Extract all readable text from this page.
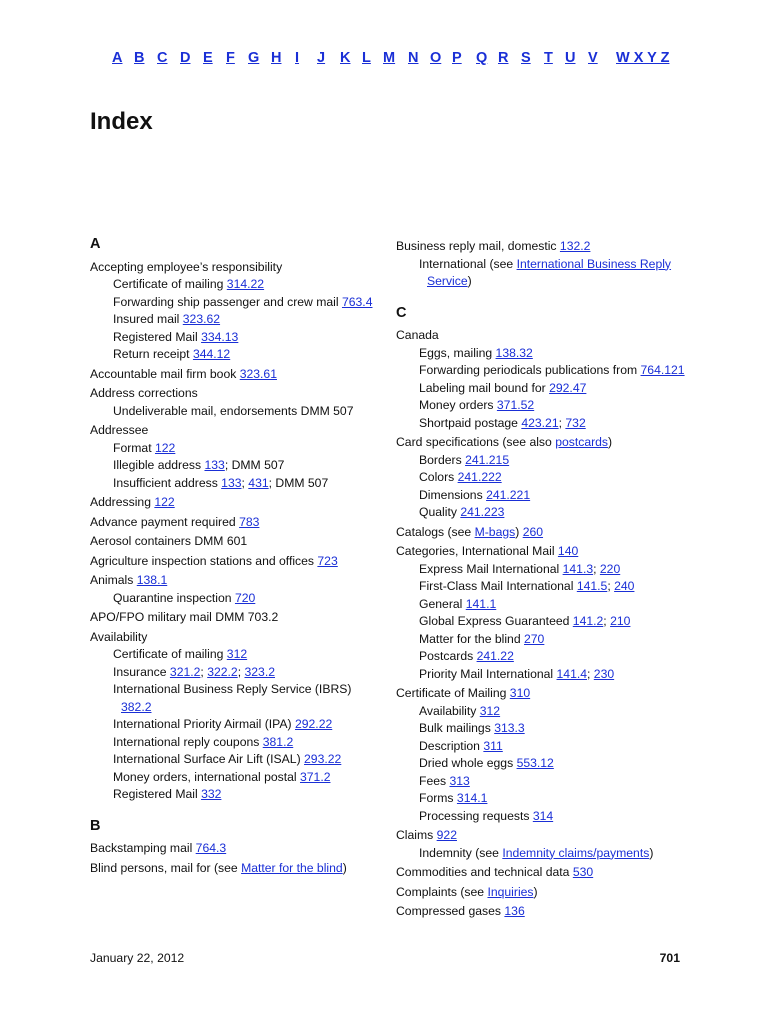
A B C D E F G H I J K L M N O P Q R S T U V W X Y Z
Index
A
Accepting employee’s responsibility
Certificate of mailing 314.22
Forwarding ship passenger and crew mail 763.4
Insured mail 323.62
Registered Mail 334.13
Return receipt 344.12
Accountable mail firm book 323.61
Address corrections
Undeliverable mail, endorsements DMM 507
Addressee
Format 122
Illegible address 133; DMM 507
Insufficient address 133; 431; DMM 507
Addressing 122
Advance payment required 783
Aerosol containers DMM 601
Agriculture inspection stations and offices 723
Animals 138.1
Quarantine inspection 720
APO/FPO military mail DMM 703.2
Availability
Certificate of mailing 312
Insurance 321.2; 322.2; 323.2
International Business Reply Service (IBRS) 382.2
International Priority Airmail (IPA) 292.22
International reply coupons 381.2
International Surface Air Lift (ISAL) 293.22
Money orders, international postal 371.2
Registered Mail 332
B
Backstamping mail 764.3
Blind persons, mail for (see Matter for the blind)
Business reply mail, domestic 132.2
International (see International Business Reply Service)
C
Canada
Eggs, mailing 138.32
Forwarding periodicals publications from 764.121
Labeling mail bound for 292.47
Money orders 371.52
Shortpaid postage 423.21; 732
Card specifications (see also postcards)
Borders 241.215
Colors 241.222
Dimensions 241.221
Quality 241.223
Catalogs (see M-bags) 260
Categories, International Mail 140
Express Mail International 141.3; 220
First-Class Mail International 141.5; 240
General 141.1
Global Express Guaranteed 141.2; 210
Matter for the blind 270
Postcards 241.22
Priority Mail International 141.4; 230
Certificate of Mailing 310
Availability 312
Bulk mailings 313.3
Description 311
Dried whole eggs 553.12
Fees 313
Forms 314.1
Processing requests 314
Claims 922
Indemnity (see Indemnity claims/payments)
Commodities and technical data 530
Complaints (see Inquiries)
Compressed gases 136
January 22, 2012	701
